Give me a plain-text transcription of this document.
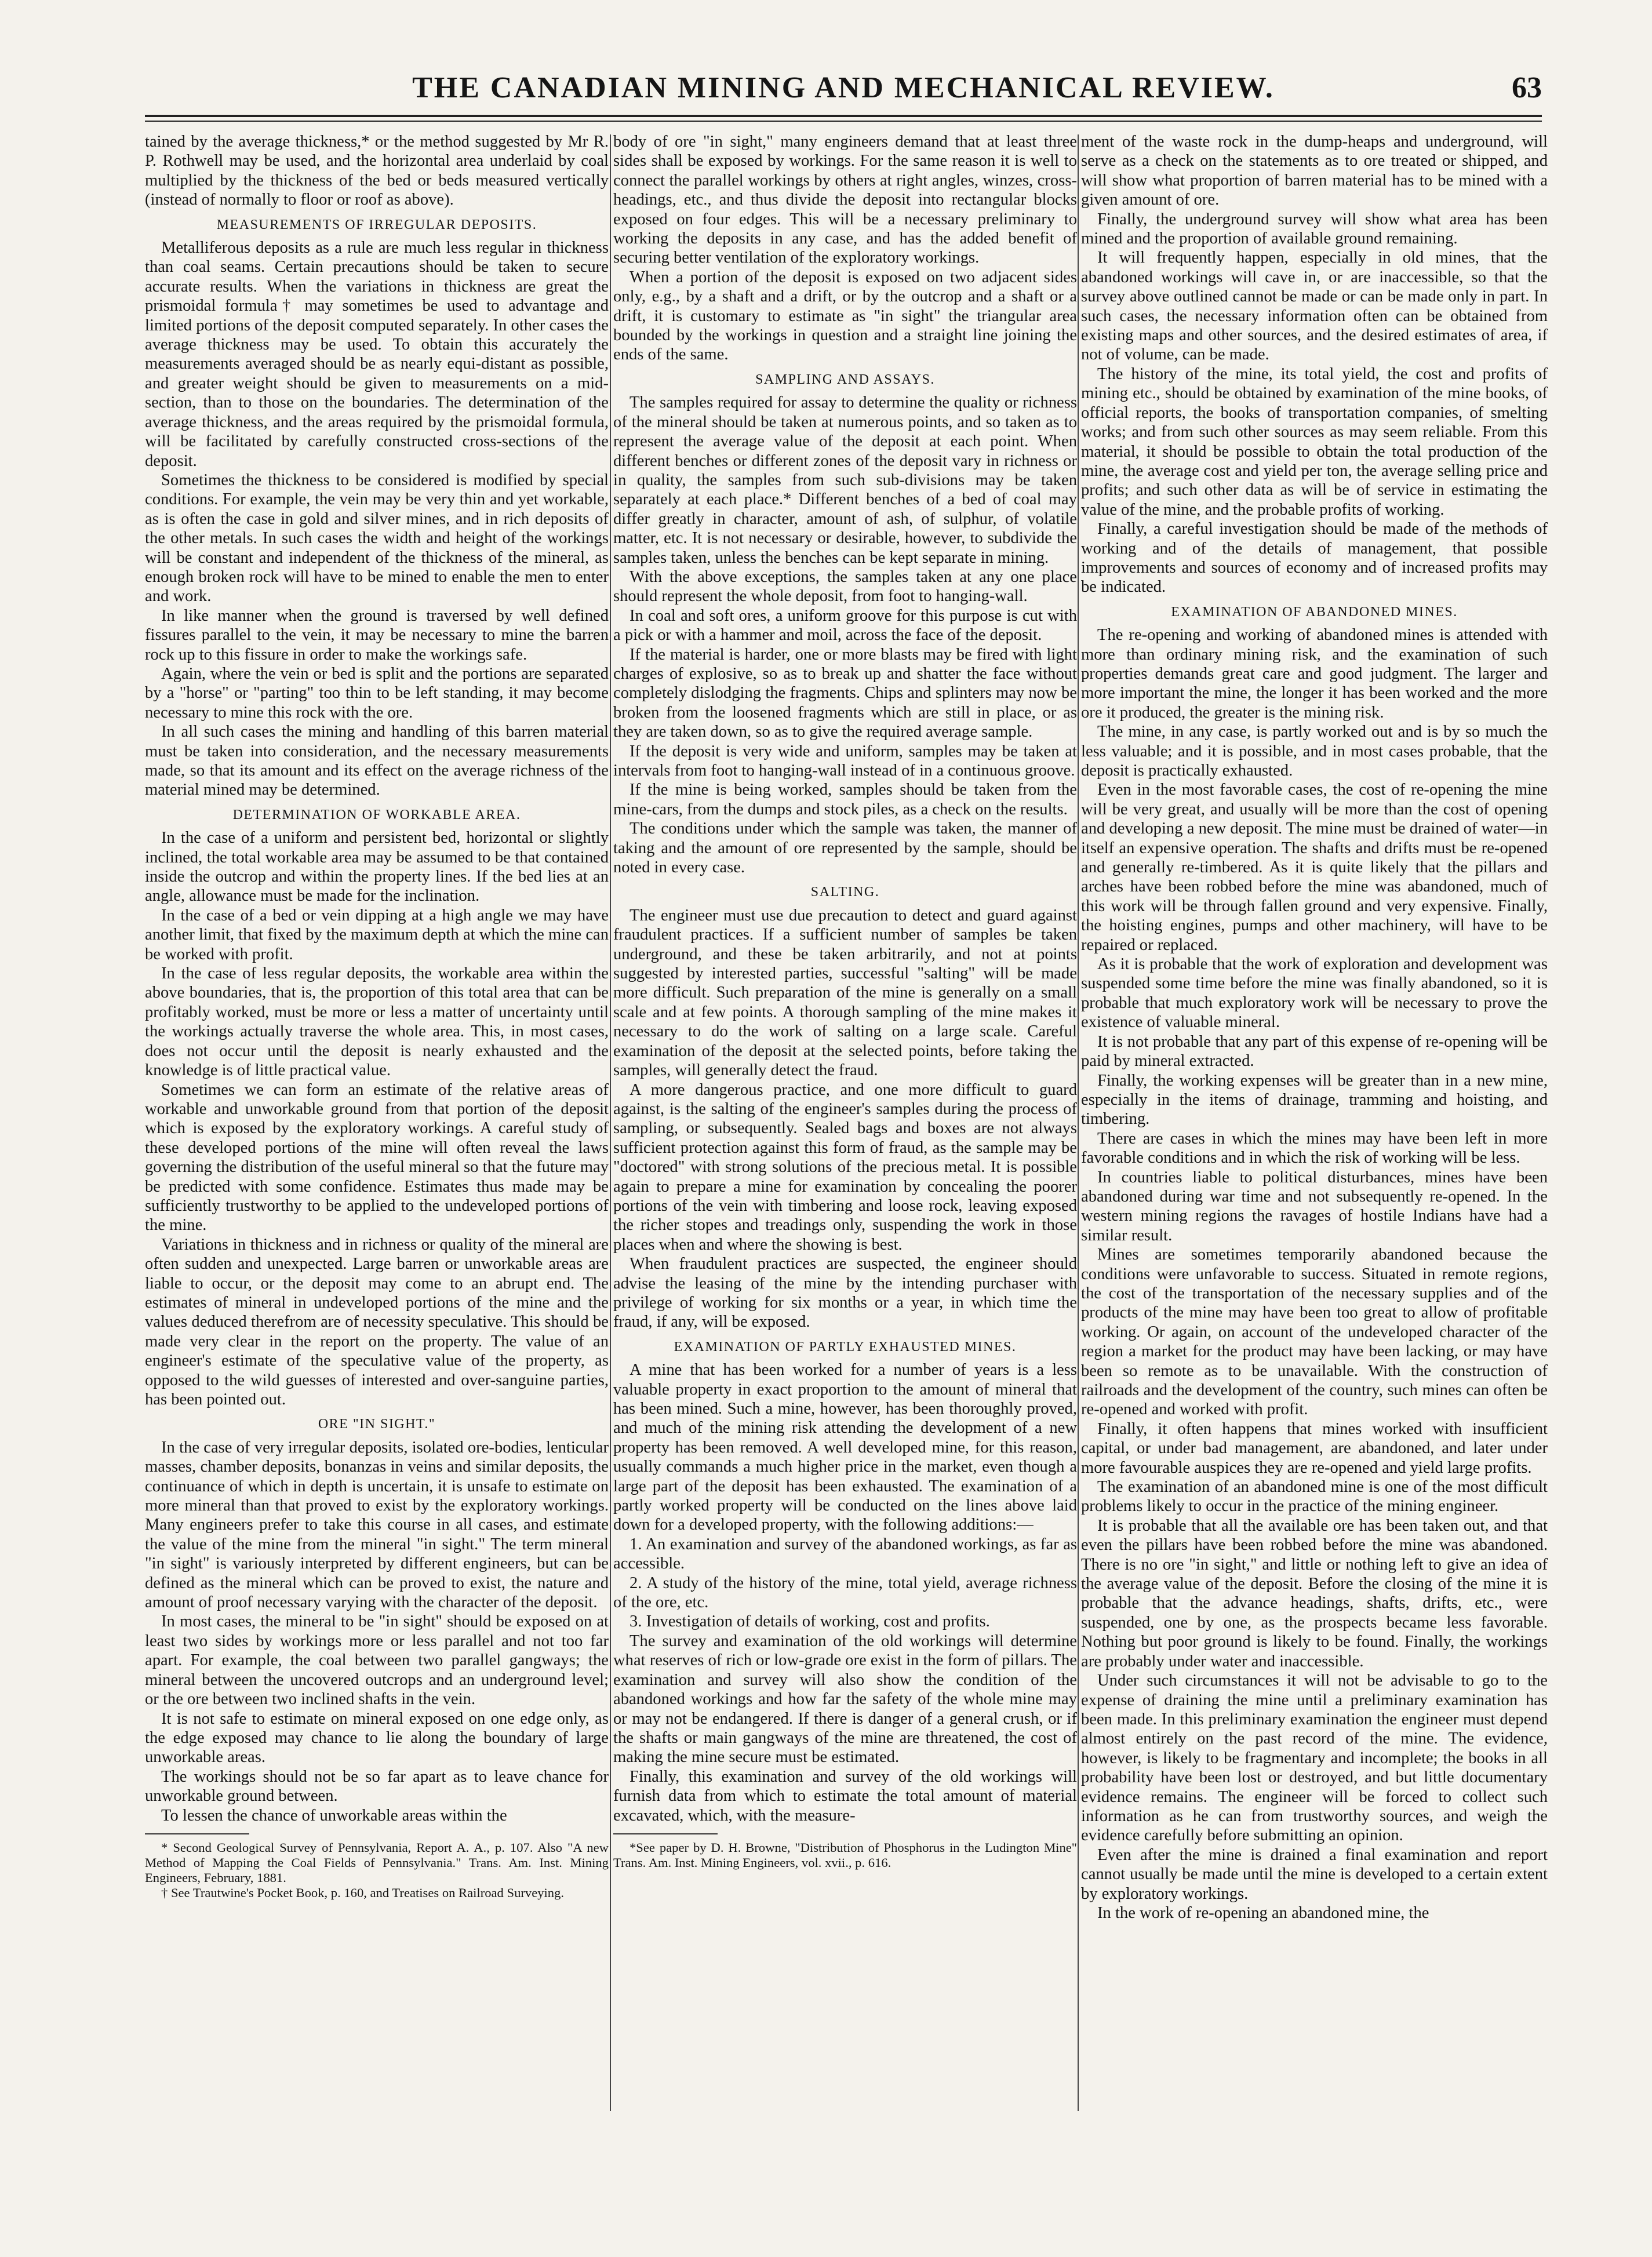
THE CANADIAN MINING AND MECHANICAL REVIEW.	63

tained by the average thickness,* or the method suggested by Mr R. P. Rothwell may be used, and the horizontal area underlaid by coal multiplied by the thickness of the bed or beds measured vertically (instead of normally to floor or roof as above).

MEASUREMENTS OF IRREGULAR DEPOSITS.

Metalliferous deposits as a rule are much less regular in thickness than coal seams. Certain precautions should be taken to secure accurate results. When the variations in thickness are great the prismoidal formula† may sometimes be used to advantage and limited portions of the deposit computed separately. In other cases the average thickness may be used. To obtain this accurately the measurements averaged should be as nearly equi-distant as possible, and greater weight should be given to measurements on a mid-section, than to those on the boundaries. The determination of the average thickness, and the areas required by the prismoidal formula, will be facilitated by carefully constructed cross-sections of the deposit.

Sometimes the thickness to be considered is modified by special conditions. For example, the vein may be very thin and yet workable, as is often the case in gold and silver mines, and in rich deposits of the other metals. In such cases the width and height of the workings will be constant and independent of the thickness of the mineral, as enough broken rock will have to be mined to enable the men to enter and work.

In like manner when the ground is traversed by well defined fissures parallel to the vein, it may be necessary to mine the barren rock up to this fissure in order to make the workings safe.

Again, where the vein or bed is split and the portions are separated by a "horse" or "parting" too thin to be left standing, it may become necessary to mine this rock with the ore.

In all such cases the mining and handling of this barren material must be taken into consideration, and the necessary measurements made, so that its amount and its effect on the average richness of the material mined may be determined.

DETERMINATION OF WORKABLE AREA.

In the case of a uniform and persistent bed, horizontal or slightly inclined, the total workable area may be assumed to be that contained inside the outcrop and within the property lines. If the bed lies at an angle, allowance must be made for the inclination.

In the case of a bed or vein dipping at a high angle we may have another limit, that fixed by the maximum depth at which the mine can be worked with profit.

In the case of less regular deposits, the workable area within the above boundaries, that is, the proportion of this total area that can be profitably worked, must be more or less a matter of uncertainty until the workings actually traverse the whole area. This, in most cases, does not occur until the deposit is nearly exhausted and the knowledge is of little practical value.

Sometimes we can form an estimate of the relative areas of workable and unworkable ground from that portion of the deposit which is exposed by the exploratory workings. A careful study of these developed portions of the mine will often reveal the laws governing the distribution of the useful mineral so that the future may be predicted with some confidence. Estimates thus made may be sufficiently trustworthy to be applied to the undeveloped portions of the mine.

Variations in thickness and in richness or quality of the mineral are often sudden and unexpected. Large barren or unworkable areas are liable to occur, or the deposit may come to an abrupt end. The estimates of mineral in undeveloped portions of the mine and the values deduced therefrom are of necessity speculative. This should be made very clear in the report on the property. The value of an engineer's estimate of the speculative value of the property, as opposed to the wild guesses of interested and over-sanguine parties, has been pointed out.

ORE "IN SIGHT."

In the case of very irregular deposits, isolated ore-bodies, lenticular masses, chamber deposits, bonanzas in veins and similar deposits, the continuance of which in depth is uncertain, it is unsafe to estimate on more mineral than that proved to exist by the exploratory workings. Many engineers prefer to take this course in all cases, and estimate the value of the mine from the mineral "in sight." The term mineral "in sight" is variously interpreted by different engineers, but can be defined as the mineral which can be proved to exist, the nature and amount of proof necessary varying with the character of the deposit.

In most cases, the mineral to be "in sight" should be exposed on at least two sides by workings more or less parallel and not too far apart. For example, the coal between two parallel gangways; the mineral between the uncovered outcrops and an underground level; or the ore between two inclined shafts in the vein.

It is not safe to estimate on mineral exposed on one edge only, as the edge exposed may chance to lie along the boundary of large unworkable areas.

The workings should not be so far apart as to leave chance for unworkable ground between.

To lessen the chance of unworkable areas within the

* Second Geological Survey of Pennsylvania, Report A. A., p. 107. Also "A new Method of Mapping the Coal Fields of Pennsylvania." Trans. Am. Inst. Mining Engineers, February, 1881.

† See Trautwine's Pocket Book, p. 160, and Treatises on Railroad Surveying.

body of ore "in sight," many engineers demand that at least three sides shall be exposed by workings. For the same reason it is well to connect the parallel workings by others at right angles, winzes, cross-headings, etc., and thus divide the deposit into rectangular blocks exposed on four edges. This will be a necessary preliminary to working the deposits in any case, and has the added benefit of securing better ventilation of the exploratory workings.

When a portion of the deposit is exposed on two adjacent sides only, e.g., by a shaft and a drift, or by the outcrop and a shaft or a drift, it is customary to estimate as "in sight" the triangular area bounded by the workings in question and a straight line joining the ends of the same.

SAMPLING AND ASSAYS.

The samples required for assay to determine the quality or richness of the mineral should be taken at numerous points, and so taken as to represent the average value of the deposit at each point. When different benches or different zones of the deposit vary in richness or in quality, the samples from such sub-divisions may be taken separately at each place.* Different benches of a bed of coal may differ greatly in character, amount of ash, of sulphur, of volatile matter, etc. It is not necessary or desirable, however, to subdivide the samples taken, unless the benches can be kept separate in mining.

With the above exceptions, the samples taken at any one place should represent the whole deposit, from foot to hanging-wall.

In coal and soft ores, a uniform groove for this purpose is cut with a pick or with a hammer and moil, across the face of the deposit.

If the material is harder, one or more blasts may be fired with light charges of explosive, so as to break up and shatter the face without completely dislodging the fragments. Chips and splinters may now be broken from the loosened fragments which are still in place, or as they are taken down, so as to give the required average sample.

If the deposit is very wide and uniform, samples may be taken at intervals from foot to hanging-wall instead of in a continuous groove.

If the mine is being worked, samples should be taken from the mine-cars, from the dumps and stock piles, as a check on the results.

The conditions under which the sample was taken, the manner of taking and the amount of ore represented by the sample, should be noted in every case.

SALTING.

The engineer must use due precaution to detect and guard against fraudulent practices. If a sufficient number of samples be taken underground, and these be taken arbitrarily, and not at points suggested by interested parties, successful "salting" will be made more difficult. Such preparation of the mine is generally on a small scale and at few points. A thorough sampling of the mine makes it necessary to do the work of salting on a large scale. Careful examination of the deposit at the selected points, before taking the samples, will generally detect the fraud.

A more dangerous practice, and one more difficult to guard against, is the salting of the engineer's samples during the process of sampling, or subsequently. Sealed bags and boxes are not always sufficient protection against this form of fraud, as the sample may be "doctored" with strong solutions of the precious metal. It is possible again to prepare a mine for examination by concealing the poorer portions of the vein with timbering and loose rock, leaving exposed the richer stopes and treadings only, suspending the work in those places when and where the showing is best.

When fraudulent practices are suspected, the engineer should advise the leasing of the mine by the intending purchaser with privilege of working for six months or a year, in which time the fraud, if any, will be exposed.

EXAMINATION OF PARTLY EXHAUSTED MINES.

A mine that has been worked for a number of years is a less valuable property in exact proportion to the amount of mineral that has been mined. Such a mine, however, has been thoroughly proved, and much of the mining risk attending the development of a new property has been removed. A well developed mine, for this reason, usually commands a much higher price in the market, even though a large part of the deposit has been exhausted. The examination of a partly worked property will be conducted on the lines above laid down for a developed property, with the following additions:—

1. An examination and survey of the abandoned workings, as far as accessible.
2. A study of the history of the mine, total yield, average richness of the ore, etc.
3. Investigation of details of working, cost and profits.

The survey and examination of the old workings will determine what reserves of rich or low-grade ore exist in the form of pillars. The examination and survey will also show the condition of the abandoned workings and how far the safety of the whole mine may or may not be endangered. If there is danger of a general crush, or if the shafts or main gangways of the mine are threatened, the cost of making the mine secure must be estimated.

Finally, this examination and survey of the old workings will furnish data from which to estimate the total amount of material excavated, which, with the measure-

*See paper by D. H. Browne, "Distribution of Phosphorus in the Ludington Mine" Trans. Am. Inst. Mining Engineers, vol. xvii., p. 616.

ment of the waste rock in the dump-heaps and underground, will serve as a check on the statements as to ore treated or shipped, and will show what proportion of barren material has to be mined with a given amount of ore.

Finally, the underground survey will show what area has been mined and the proportion of available ground remaining.

It will frequently happen, especially in old mines, that the abandoned workings will cave in, or are inaccessible, so that the survey above outlined cannot be made or can be made only in part. In such cases, the necessary information often can be obtained from existing maps and other sources, and the desired estimates of area, if not of volume, can be made.

The history of the mine, its total yield, the cost and profits of mining etc., should be obtained by examination of the mine books, of official reports, the books of transportation companies, of smelting works; and from such other sources as may seem reliable. From this material, it should be possible to obtain the total production of the mine, the average cost and yield per ton, the average selling price and profits; and such other data as will be of service in estimating the value of the mine, and the probable profits of working.

Finally, a careful investigation should be made of the methods of working and of the details of management, that possible improvements and sources of economy and of increased profits may be indicated.

EXAMINATION OF ABANDONED MINES.

The re-opening and working of abandoned mines is attended with more than ordinary mining risk, and the examination of such properties demands great care and good judgment. The larger and more important the mine, the longer it has been worked and the more ore it produced, the greater is the mining risk.

The mine, in any case, is partly worked out and is by so much the less valuable; and it is possible, and in most cases probable, that the deposit is practically exhausted.

Even in the most favorable cases, the cost of re-opening the mine will be very great, and usually will be more than the cost of opening and developing a new deposit. The mine must be drained of water—in itself an expensive operation. The shafts and drifts must be re-opened and generally re-timbered. As it is quite likely that the pillars and arches have been robbed before the mine was abandoned, much of this work will be through fallen ground and very expensive. Finally, the hoisting engines, pumps and other machinery, will have to be repaired or replaced.

As it is probable that the work of exploration and development was suspended some time before the mine was finally abandoned, so it is probable that much exploratory work will be necessary to prove the existence of valuable mineral.

It is not probable that any part of this expense of re-opening will be paid by mineral extracted.

Finally, the working expenses will be greater than in a new mine, especially in the items of drainage, tramming and hoisting, and timbering.

There are cases in which the mines may have been left in more favorable conditions and in which the risk of working will be less.

In countries liable to political disturbances, mines have been abandoned during war time and not subsequently re-opened. In the western mining regions the ravages of hostile Indians have had a similar result.

Mines are sometimes temporarily abandoned because the conditions were unfavorable to success. Situated in remote regions, the cost of the transportation of the necessary supplies and of the products of the mine may have been too great to allow of profitable working. Or again, on account of the undeveloped character of the region a market for the product may have been lacking, or may have been so remote as to be unavailable. With the construction of railroads and the development of the country, such mines can often be re-opened and worked with profit.

Finally, it often happens that mines worked with insufficient capital, or under bad management, are abandoned, and later under more favourable auspices they are re-opened and yield large profits.

The examination of an abandoned mine is one of the most difficult problems likely to occur in the practice of the mining engineer.

It is probable that all the available ore has been taken out, and that even the pillars have been robbed before the mine was abandoned. There is no ore "in sight," and little or nothing left to give an idea of the average value of the deposit. Before the closing of the mine it is probable that the advance headings, shafts, drifts, etc., were suspended, one by one, as the prospects became less favorable. Nothing but poor ground is likely to be found. Finally, the workings are probably under water and inaccessible.

Under such circumstances it will not be advisable to go to the expense of draining the mine until a preliminary examination has been made. In this preliminary examination the engineer must depend almost entirely on the past record of the mine. The evidence, however, is likely to be fragmentary and incomplete; the books in all probability have been lost or destroyed, and but little documentary evidence remains. The engineer will be forced to collect such information as he can from trustworthy sources, and weigh the evidence carefully before submitting an opinion.

Even after the mine is drained a final examination and report cannot usually be made until the mine is developed to a certain extent by exploratory workings.

In the work of re-opening an abandoned mine, the
